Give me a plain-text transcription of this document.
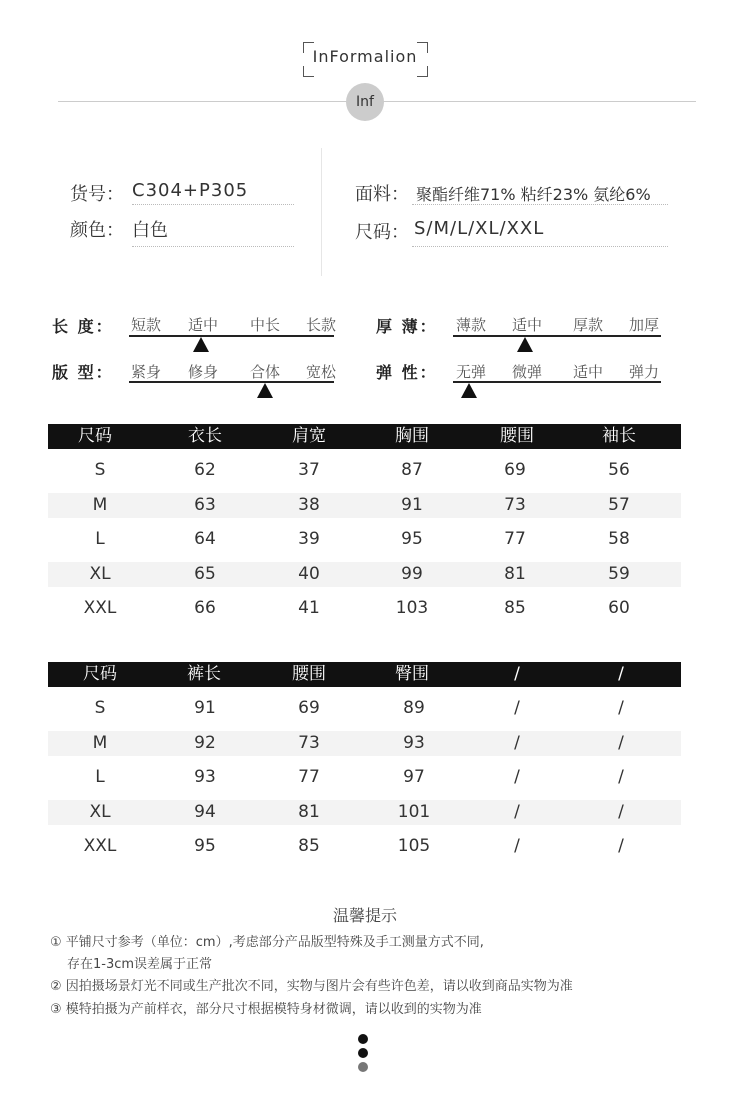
InFormalion
Inf
货号： C304+P305
颜色： 白色
面料： 聚酯纤维71% 粘纤23% 氨纶6%
尺码： S/M/L/XL/XXL
长 度：	短款	适中	中长	长款	厚 薄：	薄款	适中	厚款	加厚
版 型：	紧身	修身	合体	宽松	弹 性：	无弹	微弹	适中	弹力
尺码	衣长	肩宽	胸围	腰围	袖长
S	62	37	87	69	56
M	63	38	91	73	57
L	64	39	95	77	58
XL	65	40	99	81	59
XXL	66	41	103	85	60
尺码	裤长	腰围	臀围	/	/
S	91	69	89	/	/
M	92	73	93	/	/
L	93	77	97	/	/
XL	94	81	101	/	/
XXL	95	85	105	/	/
温馨提示
① 平铺尺寸参考（单位：cm）,考虑部分产品版型特殊及手工测量方式不同,
存在1-3cm误差属于正常
② 因拍摄场景灯光不同或生产批次不同，实物与图片会有些许色差，请以收到商品实物为准
③ 模特拍摄为产前样衣，部分尺寸根据模特身材微调，请以收到的实物为准
